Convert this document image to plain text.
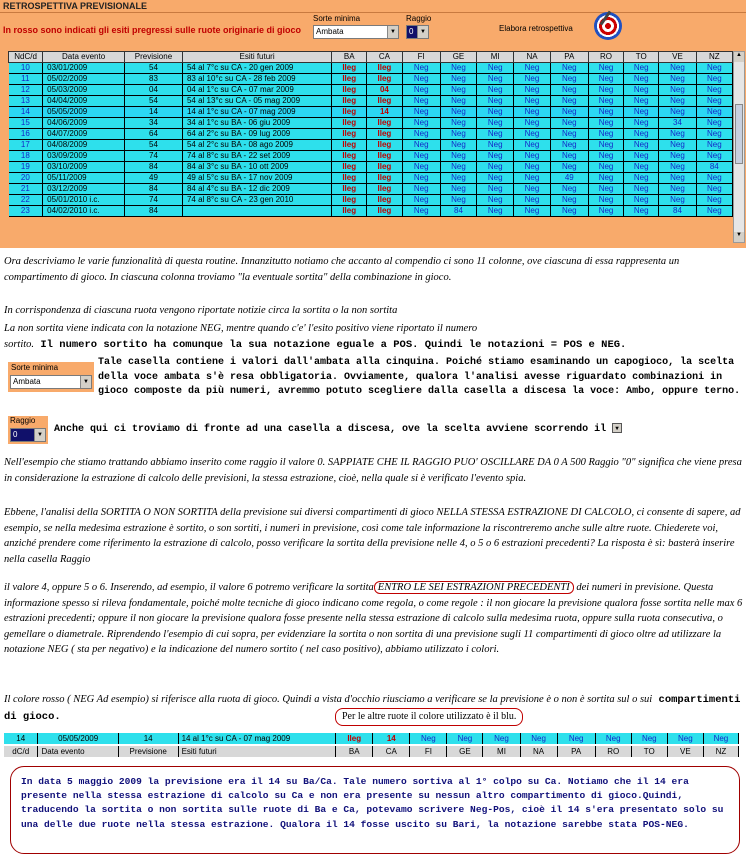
RETROSPETTIVA PREVISIONALE
In rosso sono indicati gli esiti pregressi sulle ruote originarie di gioco
Sorte minima
Ambata	▼
Raggio
0	▼	Elabora retrospettiva
NdC/d	Data evento	Previsione	Esiti futuri	BA	CA	FI	GE	MI	NA	PA	RO	TO	VE	NZ
10	03/01/2009	54	54 al 7°c su CA - 20 gen 2009	Ileg	Ileg	Neg	Neg	Neg	Neg	Neg	Neg	Neg	Neg	Neg
11	05/02/2009	83	83 al 10°c su CA - 28 feb 2009	Ileg	Ileg	Neg	Neg	Neg	Neg	Neg	Neg	Neg	Neg	Neg
12	05/03/2009	04	04 al 1°c su CA - 07 mar 2009	Ileg	04	Neg	Neg	Neg	Neg	Neg	Neg	Neg	Neg	Neg
13	04/04/2009	54	54 al 13°c su CA - 05 mag 2009	Ileg	Ileg	Neg	Neg	Neg	Neg	Neg	Neg	Neg	Neg	Neg
14	05/05/2009	14	14 al 1°c su CA - 07 mag 2009	Ileg	14	Neg	Neg	Neg	Neg	Neg	Neg	Neg	Neg	Neg
15	04/06/2009	34	34 al 1°c su BA - 06 giu 2009	Ileg	Ileg	Neg	Neg	Neg	Neg	Neg	Neg	Neg	34	Neg
16	04/07/2009	64	64 al 2°c su BA - 09 lug 2009	Ileg	Ileg	Neg	Neg	Neg	Neg	Neg	Neg	Neg	Neg	Neg
17	04/08/2009	54	54 al 2°c su BA - 08 ago 2009	Ileg	Ileg	Neg	Neg	Neg	Neg	Neg	Neg	Neg	Neg	Neg
18	03/09/2009	74	74 al 8°c su BA - 22 set 2009	Ileg	Ileg	Neg	Neg	Neg	Neg	Neg	Neg	Neg	Neg	Neg
19	03/10/2009	84	84 al 3°c su BA - 10 ott 2009	Ileg	Ileg	Neg	Neg	Neg	Neg	Neg	Neg	Neg	Neg	84
20	05/11/2009	49	49 al 5°c su BA - 17 nov 2009	Ileg	Ileg	Neg	Neg	Neg	Neg	49	Neg	Neg	Neg	Neg
21	03/12/2009	84	84 al 4°c su BA - 12 dic 2009	Ileg	Ileg	Neg	Neg	Neg	Neg	Neg	Neg	Neg	Neg	Neg
22	05/01/2010 i.c.	74	74 al 8°c su CA - 23 gen 2010	Ileg	Ileg	Neg	Neg	Neg	Neg	Neg	Neg	Neg	Neg	Neg
23	04/02/2010 i.c.	84		Ileg	Ileg	Neg	84	Neg	Neg	Neg	Neg	Neg	84	Neg
▲
▼
Ora descriviamo le varie funzionalità di questa routine. Innanzitutto notiamo che accanto al compendio ci sono 11 colonne, ove ciascuna di essa rappresenta un compartimento di gioco. In ciascuna colonna troviamo "la eventuale sortita" della combinazione in gioco.
In corrispondenza di ciascuna ruota vengono riportate notizie circa la sortita o la non sortita
La non sortita viene indicata con la notazione NEG, mentre quando c'e' l'esito positivo viene riportato il numero
sortito. Il numero sortito ha comunque la sua notazione eguale a POS. Quindi le notazioni = POS e NEG.
Sorte minima
Ambata	▼
Tale casella contiene i valori dall'ambata alla cinquina. Poiché stiamo esaminando un capogioco, la scelta della voce ambata s'è resa obbligatoria. Ovviamente, qualora l'analisi avesse riguardato combinazioni in gioco composte da più numeri, avremmo potuto scegliere dalla casella a discesa la voce: Ambo, oppure terno.
Raggio
0	▼ Anche qui ci troviamo di fronte ad una casella a discesa, ove la scelta avviene scorrendo il ▼
Nell'esempio che stiamo trattando abbiamo inserito come raggio il valore 0. SAPPIATE CHE IL RAGGIO PUO' OSCILLARE DA 0 A 500 Raggio "0" significa che viene presa in considerazione la estrazione di calcolo delle previsioni, la stessa estrazione, cioè, nella quale si è verificato l'evento spia.
Ebbene, l'analisi della SORTITA O NON SORTITA della previsione sui diversi compartimenti di gioco NELLA STESSA ESTRAZIONE DI CALCOLO, ci consente di sapere, ad esempio, se nella medesima estrazione è sortito, o son sortiti, i numeri in previsione, così come tale informazione la riscontreremo anche sulle altre ruote. Chiederete voi, anziché prendere come riferimento la estrazione di calcolo, posso verificare la sortita della previsione nelle 4, o 5 o 6 estrazioni precedenti? La risposta è sì: basterà inserire nella casella Raggio
il valore 4, oppure 5 o 6. Inserendo, ad esempio, il valore 6 potremo verificare la sortita ENTRO LE SEI ESTRAZIONI PRECEDENTI dei numeri in previsione. Questa informazione spesso si rileva fondamentale, poiché molte tecniche di gioco indicano come regola, o come regole : il non giocare la previsione qualora fosse sortita nelle max 6 estrazioni precedenti; oppure il non giocare la previsione qualora fosse presente nella stessa estrazione di calcolo sulla medesima ruota, oppure sulla ruota consecutiva, o gemellare o diametrale. Riprendendo l'esempio di cui sopra, per evidenziare la sortita o non sortita di una previsione sugli 11 compartimenti di gioco oltre ad utilizzare la notazione NEG ( sta per negativo) e la indicazione del numero sortito ( nel caso positivo), abbiamo utilizzato i colori.
Il colore rosso ( NEG Ad esempio) si riferisce alla ruota di gioco. Quindi a vista d'occhio riusciamo a verificare se la previsione è o non è sortita sul o sui compartimenti di gioco.	Per le altre ruote il colore utilizzato è il blu.
14	05/05/2009	14	14 al 1°c su CA - 07 mag 2009	Ileg	14	Neg	Neg	Neg	Neg	Neg	Neg	Neg	Neg	Neg
dC/d	Data evento	Previsione	Esiti futuri	BA	CA	FI	GE	MI	NA	PA	RO	TO	VE	NZ
In data 5 maggio 2009 la previsione era il 14 su Ba/Ca. Tale numero sortiva al 1° colpo su Ca. Notiamo che il 14 era presente nella stessa estrazione di calcolo su Ca e non era presente su nessun altro compartimento di gioco.Quindi, traducendo la sortita o non sortita sulle ruote di Ba e Ca, potevamo scrivere Neg-Pos, cioè il 14 s'era presentato solo su una delle due ruote nella stessa estrazione. Qualora il 14 fosse uscito su Bari, la notazione sarebbe stata POS-NEG.
